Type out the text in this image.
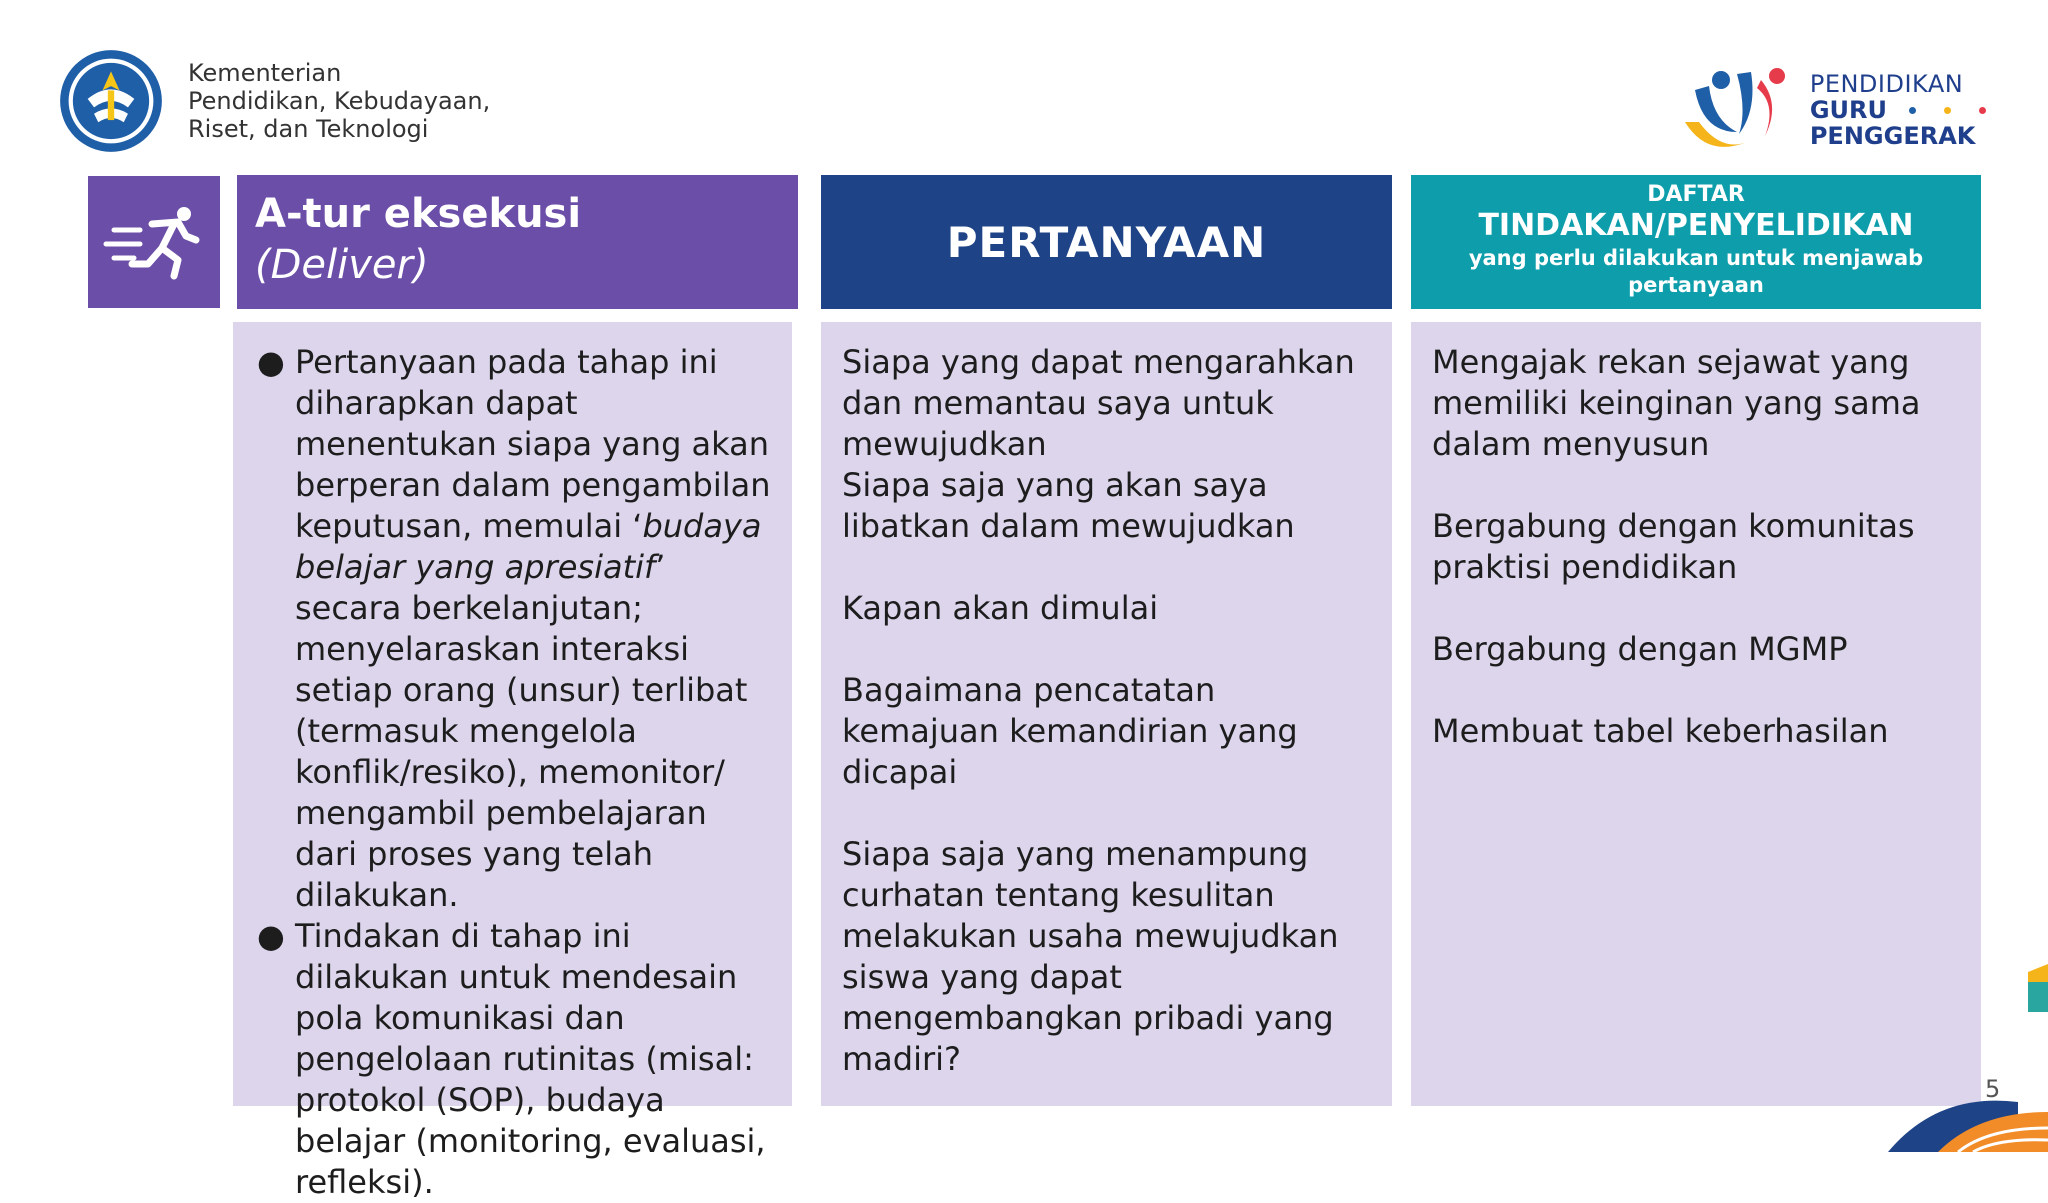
Kementerian
Pendidikan, Kebudayaan,
Riset, dan Teknologi
PENDIDIKAN
GURU
PENGGERAK
A-tur eksekusi
(Deliver)	PERTANYAAN
DAFTAR
TINDAKAN/PENYELIDIKAN
yang perlu dilakukan untuk menjawab pertanyaan
● Pertanyaan pada tahap ini diharapkan dapat menentukan siapa yang akan berperan dalam pengambilan keputusan, memulai ‘budaya belajar yang apresiatif’ secara berkelanjutan; menyelaraskan interaksi setiap orang (unsur) terlibat (termasuk mengelola konflik/resiko), memonitor/ mengambil pembelajaran dari proses yang telah dilakukan.
● Tindakan di tahap ini dilakukan untuk mendesain pola komunikasi dan pengelolaan rutinitas (misal: protokol (SOP), budaya belajar (monitoring, evaluasi, refleksi).
Siapa yang dapat mengarahkan dan memantau saya untuk mewujudkan
Siapa saja yang akan saya libatkan dalam mewujudkan
Kapan akan dimulai
Bagaimana pencatatan kemajuan kemandirian yang dicapai
Siapa saja yang menampung curhatan tentang kesulitan melakukan usaha mewujudkan siswa yang dapat mengembangkan pribadi yang madiri?
Mengajak rekan sejawat yang memiliki keinginan yang sama dalam menyusun
Bergabung dengan komunitas praktisi pendidikan
Bergabung dengan MGMP
Membuat tabel keberhasilan
5
